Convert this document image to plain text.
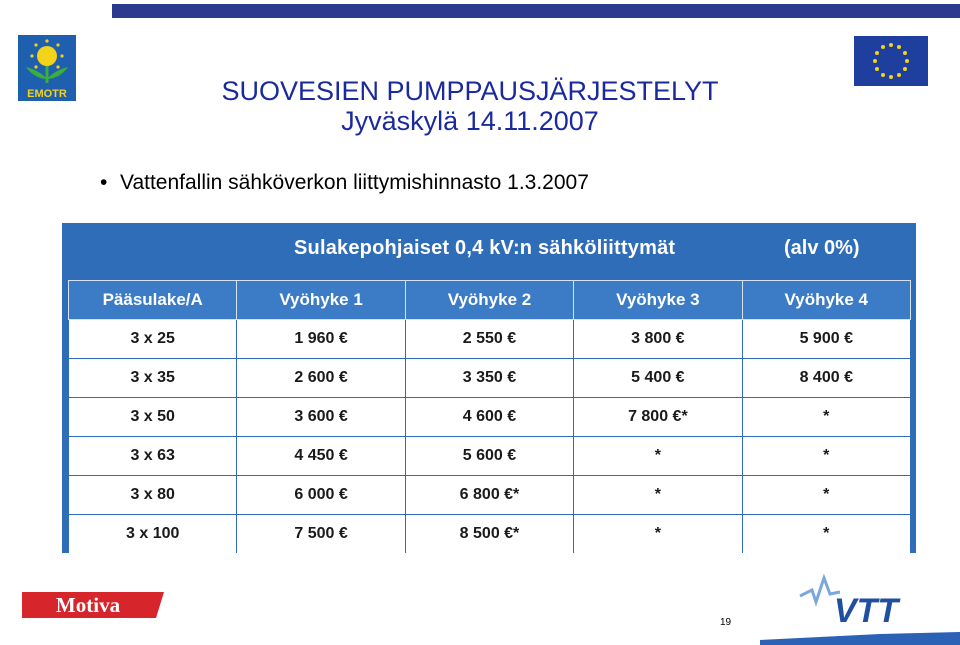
EMOTR	SUOVESIEN PUMPPAUSJÄRJESTELYT
Jyväskylä 14.11.2007
• Vattenfallin sähköverkon liittymishinnasto 1.3.2007
Sulakepohjaiset 0,4 kV:n sähköliittymät	(alv 0%)
Pääsulake/A	Vyöhyke 1	Vyöhyke 2	Vyöhyke 3	Vyöhyke 4
3 x 25	1 960 €	2 550 €	3 800 €	5 900 €
3 x 35	2 600 €	3 350 €	5 400 €	8 400 €
3 x 50	3 600 €	4 600 €	7 800 €*	*
3 x 63	4 450 €	5 600 €	*	*
3 x 80	6 000 €	6 800 €*	*	*
3 x 100	7 500 €	8 500 €*	*	*
Motiva	VTT
19
